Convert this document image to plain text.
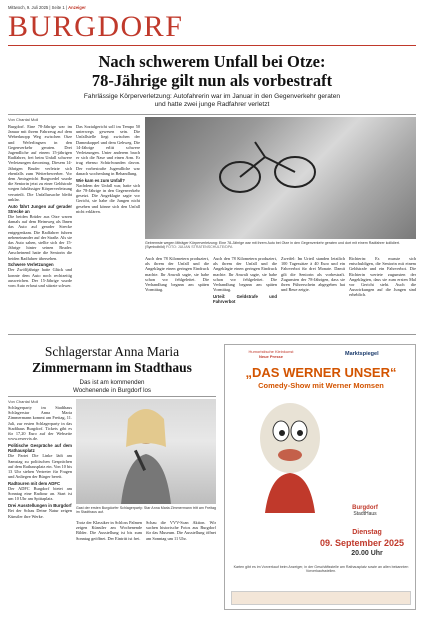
Mittwoch, 9. Juli 2025 | Seite 1 | Anzeiger
BURGDORF
Nach schwerem Unfall bei Otze:
78-Jährige gilt nun als vorbestraft
Fahrlässige Körperverletzung: Autofahrerin war im Januar in den Gegenverkehr geraten
und hatte zwei junge Radfahrer verletzt
Von Chantal Moll

Burgdorf. Eine 78-Jährige war im Januar mit ihrem Fahrzeug auf dem Weberknopp Weg zwischen Otze und Weferlingsen in den Gegenverkehr geraten. Drei Jugendliche auf einem 15-jährigen Radfahrer, frei beim Unfall schwere Verletzungen davontrug. Diesem 14-Jährigen Bruder verletzte sich ebenfalls zum Weiterbewerber. Vor dem Amtsgericht Burgwedel wurde die Seniorin jetzt zu einer Geldstrafe wegen fahrlässiger Körperverletzung verurteilt. Die Unfallursache bleibt unklar.

Auto fährt Jungen auf gerader Strecke an

Die beiden Brüder aus Otze waren damals auf dem Heimweg als Ihnen das Auto auf gerader Strecke entgegenkam. Die Radfahrer fuhren nebeneinander auf der Straße. Als sie das Auto sahen, stellte sich der 15-Jährige hinter seinen Bruder. Anscheinend hatte die Seniorin die beiden Radfahrer übersehen.

Schwere Verletzungen

Der Zwölfjährige hatte Glück und konnte dem Auto noch rechtzeitig ausweichen. Der 15-Jährige wurde vom Auto erfasst und stürzte schwer.

Das Sozialgericht soll im Tempo 50 unterwegs gewesen sein. Die Unfallstelle liegt zwischen der Dammkoppel und dem Gehweg. Die 14-Jährige erlitt schwere Verletzungen. Unter anderem brach er sich die Nase und einen Arm. Er trug ebenso Schürfwunden davon. Der vorbestrafte Jugendliche war danach wochenlang in Behandlung.

Wie kam es zum Unfall?

Nachdem der Unfall war, hatte sich die 78-Jährige in den Gegenverkehr gesetzt. Die Angeklagte sagte vor Gericht, sie habe die Jungen nicht gesehen und könne sich den Unfall nicht erklären.

Gebremste wegen Miträger Körperverletzung: Eine 78-Jährige war mit ihrem Auto bei Otze in den Gegenverkehr geraten und dort mit einem Radfahrer kollidiert. (Symbolbild) FOTO: JULIAN STRATENSCHULTE/DPA

Auch den 78 Kilometern produziert, als ihrem der Unfall und die Angeklagte einen geringen Eindruck machte. Ihr Anwalt sagte, sie habe schon vor fehlgeleitet. Die Verhandlung begann am späten Vormittag.

Auch den 78 Kilometern produziert, als ihrem der Unfall und die Angeklagte einen geringen Eindruck machte. Ihr Anwalt sagte, sie habe schon vor fehlgeleitet. Die Verhandlung begann am späten Vormittag.

Urteil: Geldstrafe und Fahrverbot

Zweifel: Im Urteil standen letztlich 100 Tagessätze à 40 Euro und ein Fahrverbot für drei Monate. Damit gilt die Seniorin als vorbestraft. Zugunsten der 78-Jährigen, dass sie ihren Führerschein abgegeben hat und Reue zeigte.

Richterin: Es musste sich entschuldigen, die Seniorin mit einem Geldstrafe und ein Fahrverbot. Die Richterin wertete zugunsten der Angeklagten, dass sie zum ersten Mal vor Gericht steht. Auch die Auswirkungen auf die Jungen sind erheblich.

Schlagerstar Anna Maria
Zimmermann im Stadthaus
Das ist am kommenden
Wochenende in Burgdorf los
Von Chantal Moll

Schlagerparty im Stadthaus Schlagerstar Anna Maria Zimmermann kommt am Freitag, 11. Juli, zur ersten Schlagerparty in das Stadthaus Burgdorf. Tickets gibt es für 17,20 Euro auf der Webseite www.reservix.de.

Politische Gespräche auf dem Rathausplatz

Die Partei Die Linke lädt am Samstag zu politischen Gesprächen auf dem Rathausplatz ein. Von 10 bis 13 Uhr stehen Vertreter für Fragen und Anliegen der Bürger bereit.

Radtouren mit dem ADFC

Der ADFC Burgdorf bietet am Sonntag eine Radtour an. Start ist um 10 Uhr am Spittaplatz.

Drei Ausstellungen in Burgdorf

Bei der Schau Deine Natur zeigen Künstler ihre Werke.

Gast der ersten Burgdorfer Schlagerparty: Star Anna Maria Zimmermann tritt am Freitag im Stadthaus auf.

Trotz der Klassiker in Schloss Palmen zeigen Künstler am Wochenende Bilder. Die Ausstellung ist bis zum Sonntag geöffnet. Der Eintritt ist frei.

Schau die VVV-Scan Aktion. Wir suchen historische Fotos aus Burgdorf für das Museum. Die Ausstellung öffnet am Sonntag um 11 Uhr.

Humoristische Kleinkunst
Neue Presse	Marktspiegel
„DAS WERNER UNSER“
Comedy-Show mit Werner Momsen
Burgdorf
StadtHaus
Dienstag
09. September 2025
20.00 Uhr
Karten gibt es im Vorverkauf beim Anzeiger, in der Geschäftsstelle am Rathausplatz sowie an allen bekannten Vorverkaufsstellen.
